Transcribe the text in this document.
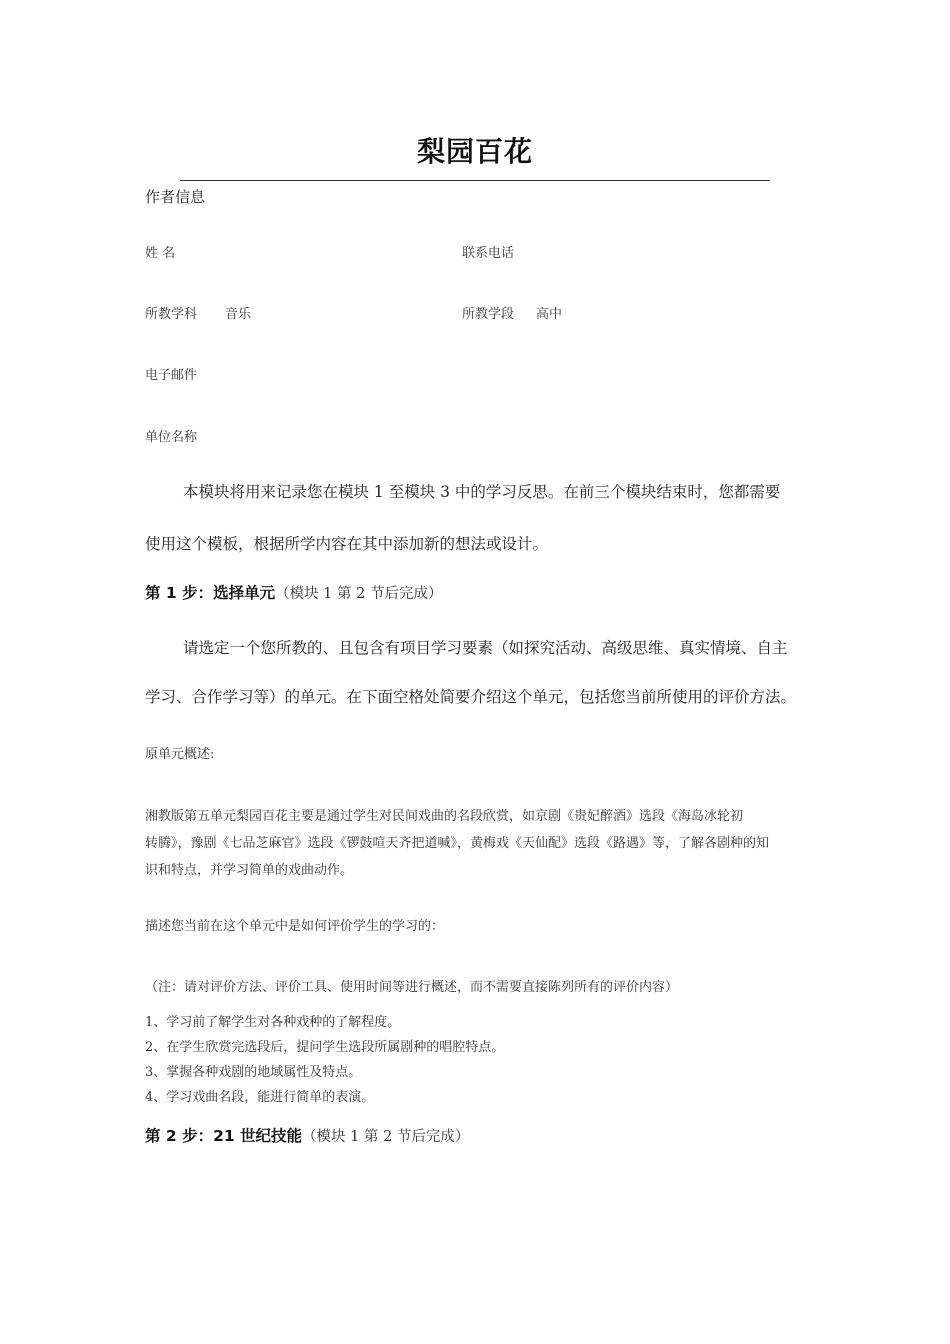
梨园百花
作者信息
姓 名	联系电话
所教学科 音乐	所教学段 高中
电子邮件
单位名称
本模块将用来记录您在模块 1 至模块 3 中的学习反思。在前三个模块结束时，您都需要
使用这个模板，根据所学内容在其中添加新的想法或设计。
第 1 步：选择单元（模块 1 第 2 节后完成）
请选定一个您所教的、且包含有项目学习要素（如探究活动、高级思维、真实情境、自主
学习、合作学习等）的单元。在下面空格处简要介绍这个单元，包括您当前所使用的评价方法。
原单元概述:
湘教版第五单元梨园百花主要是通过学生对民间戏曲的名段欣赏，如京剧《贵妃醉酒》选段《海岛冰轮初
转腾》，豫剧《七品芝麻官》选段《锣鼓喧天齐把道喊》，黄梅戏《天仙配》选段《路遇》等，了解各剧种的知
识和特点，并学习简单的戏曲动作。
描述您当前在这个单元中是如何评价学生的学习的：
（注：请对评价方法、评价工具、使用时间等进行概述，而不需要直接陈列所有的评价内容）
1、学习前了解学生对各种戏种的了解程度。
2、在学生欣赏完选段后，提问学生选段所属剧种的唱腔特点。
3、掌握各种戏剧的地域属性及特点。
4、学习戏曲名段，能进行简单的表演。
第 2 步：21 世纪技能（模块 1 第 2 节后完成）
